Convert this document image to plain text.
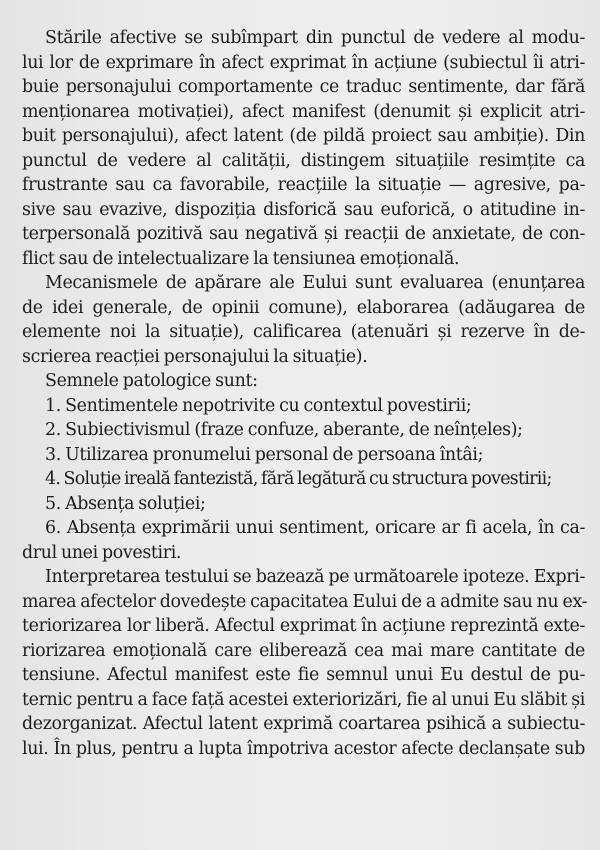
Stările afective se subîmpart din punctul de vedere al modu-
lui lor de exprimare în afect exprimat în acțiune (subiectul îi atri-
buie personajului comportamente ce traduc sentimente, dar fără
menționarea motivației), afect manifest (denumit și explicit atri-
buit personajului), afect latent (de pildă proiect sau ambiție). Din
punctul de vedere al calității, distingem situațiile resimțite ca
frustrante sau ca favorabile, reacțiile la situație — agresive, pa-
sive sau evazive, dispoziția disforică sau euforică, o atitudine in-
terpersonală pozitivă sau negativă și reacții de anxietate, de con-
flict sau de intelectualizare la tensiunea emoțională.
Mecanismele de apărare ale Eului sunt evaluarea (enunțarea
de idei generale, de opinii comune), elaborarea (adăugarea de
elemente noi la situație), calificarea (atenuări și rezerve în de-
scrierea reacției personajului la situație).
Semnele patologice sunt:
1. Sentimentele nepotrivite cu contextul povestirii;
2. Subiectivismul (fraze confuze, aberante, de neînțeles);
3. Utilizarea pronumelui personal de persoana întâi;
4. Soluție ireală fantezistă, fără legătură cu structura povestirii;
5. Absența soluției;
6. Absența exprimării unui sentiment, oricare ar fi acela, în ca-
drul unei povestiri.
Interpretarea testului se bazează pe următoarele ipoteze. Expri-
marea afectelor dovedește capacitatea Eului de a admite sau nu ex-
teriorizarea lor liberă. Afectul exprimat în acțiune reprezintă exte-
riorizarea emoțională care eliberează cea mai mare cantitate de
tensiune. Afectul manifest este fie semnul unui Eu destul de pu-
ternic pentru a face față acestei exteriorizări, fie al unui Eu slăbit și
dezorganizat. Afectul latent exprimă coartarea psihică a subiectu-
lui. În plus, pentru a lupta împotriva acestor afecte declanșate sub
